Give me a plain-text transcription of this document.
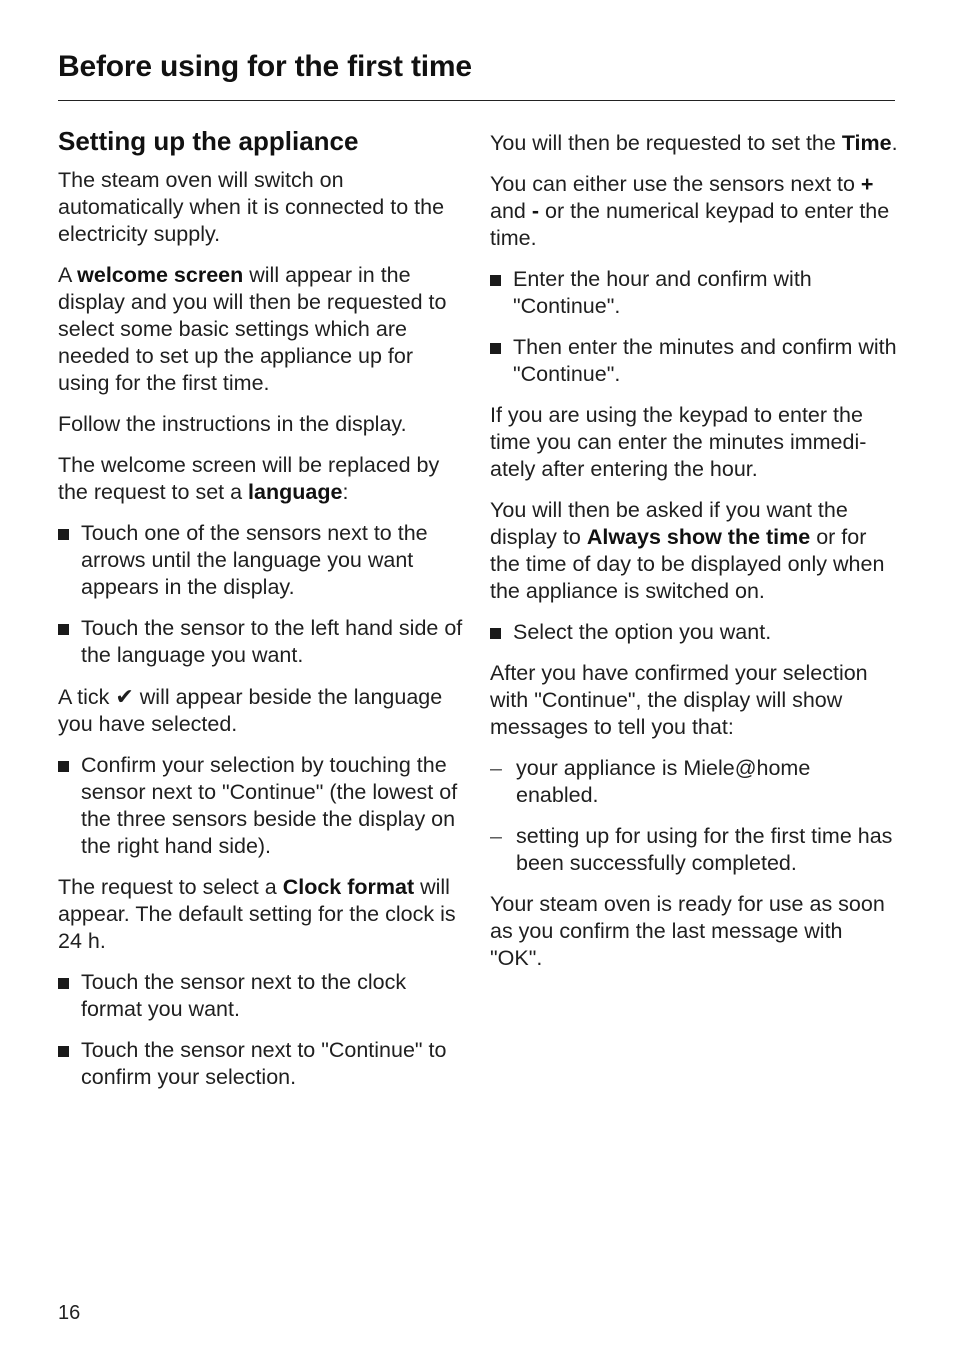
Before using for the first time
Setting up the appliance

The steam oven will switch on automatically when it is connected to the electricity supply.

A welcome screen will appear in the display and you will then be requested to select some basic settings which are needed to set up the appliance up for using for the first time.

Follow the instructions in the display.

The welcome screen will be replaced by the request to set a language:

Touch one of the sensors next to the arrows until the language you want appears in the display.
Touch the sensor to the left hand side of the language you want.

A tick ✔ will appear beside the language you have selected.

Confirm your selection by touching the sensor next to "Continue" (the lowest of the three sensors beside the display on the right hand side).

The request to select a Clock format will appear. The default setting for the clock is 24 h.

Touch the sensor next to the clock format you want.
Touch the sensor next to "Continue" to confirm your selection.

You will then be requested to set the Time.

You can either use the sensors next to + and - or the numerical keypad to enter the time.

Enter the hour and confirm with "Continue".
Then enter the minutes and confirm with "Continue".

If you are using the keypad to enter the time you can enter the minutes immedi-ately after entering the hour.

You will then be asked if you want the display to Always show the time or for the time of day to be displayed only when the appliance is switched on.

Select the option you want.

After you have confirmed your selection with "Continue", the display will show messages to tell you that:

– your appliance is Miele@home enabled.
– setting up for using for the first time has been successfully completed.

Your steam oven is ready for use as soon as you confirm the last message with "OK".

16
